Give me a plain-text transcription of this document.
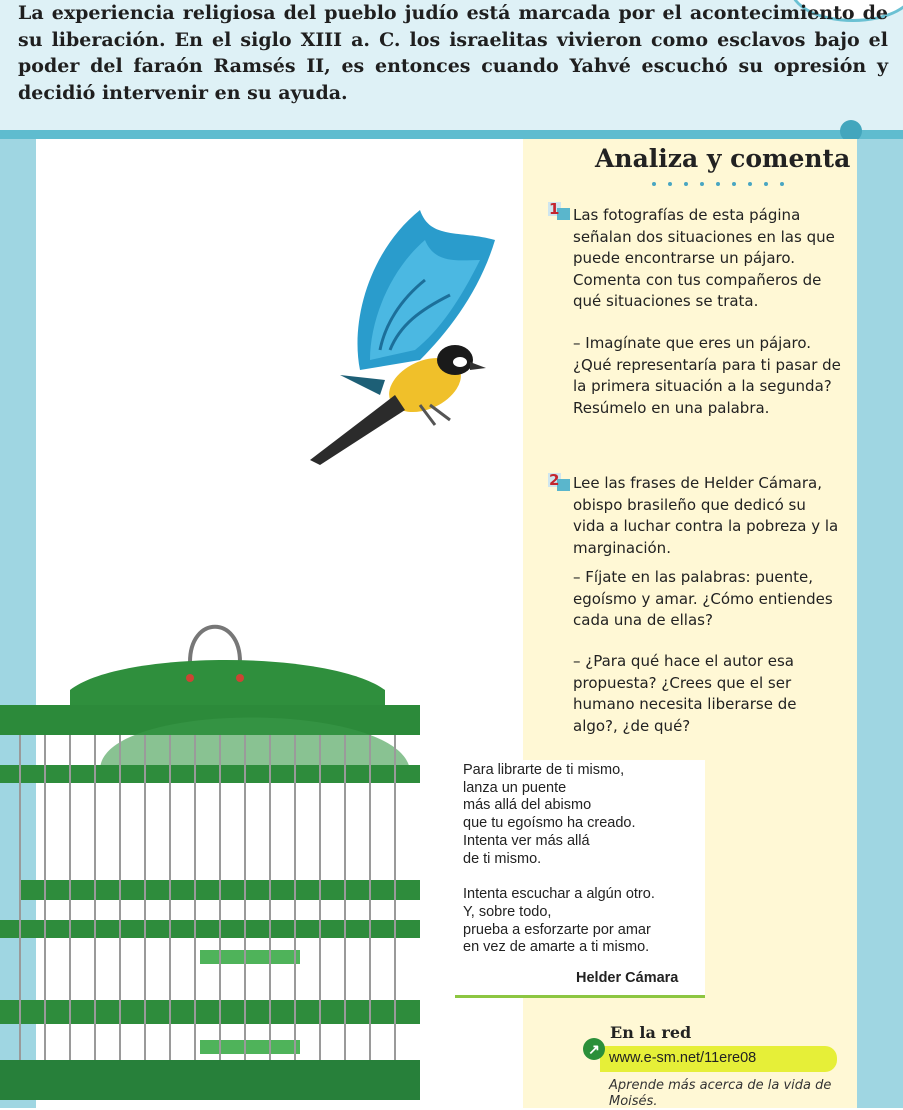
La experiencia religiosa del pueblo judío está marcada por el acontecimiento de su liberación. En el siglo XIII a. C. los israelitas vivieron como esclavos bajo el poder del faraón Ramsés II, es entonces cuando Yahvé escuchó su opresión y decidió intervenir en su ayuda.
Analiza y comenta
1 Las fotografías de esta página señalan dos situaciones en las que puede encontrarse un pájaro. Comenta con tus compañeros de qué situaciones se trata.
– Imagínate que eres un pájaro. ¿Qué representaría para ti pasar de la primera situación a la segunda? Resúmelo en una palabra.
2 Lee las frases de Helder Cámara, obispo brasileño que dedicó su vida a luchar contra la pobreza y la marginación.
– Fíjate en las palabras: puente, egoísmo y amar. ¿Cómo entiendes cada una de ellas?
– ¿Para qué hace el autor esa propuesta? ¿Crees que el ser humano necesita liberarse de algo?, ¿de qué?
Para librarte de ti mismo,
lanza un puente
más allá del abismo
que tu egoísmo ha creado.
Intenta ver más allá
de ti mismo.
Intenta escuchar a algún otro.
Y, sobre todo,
prueba a esforzarte por amar
en vez de amarte a ti mismo.
Helder Cámara
En la red
↗
www.e-sm.net/11ere08
Aprende más acerca de la vida de Moisés.
